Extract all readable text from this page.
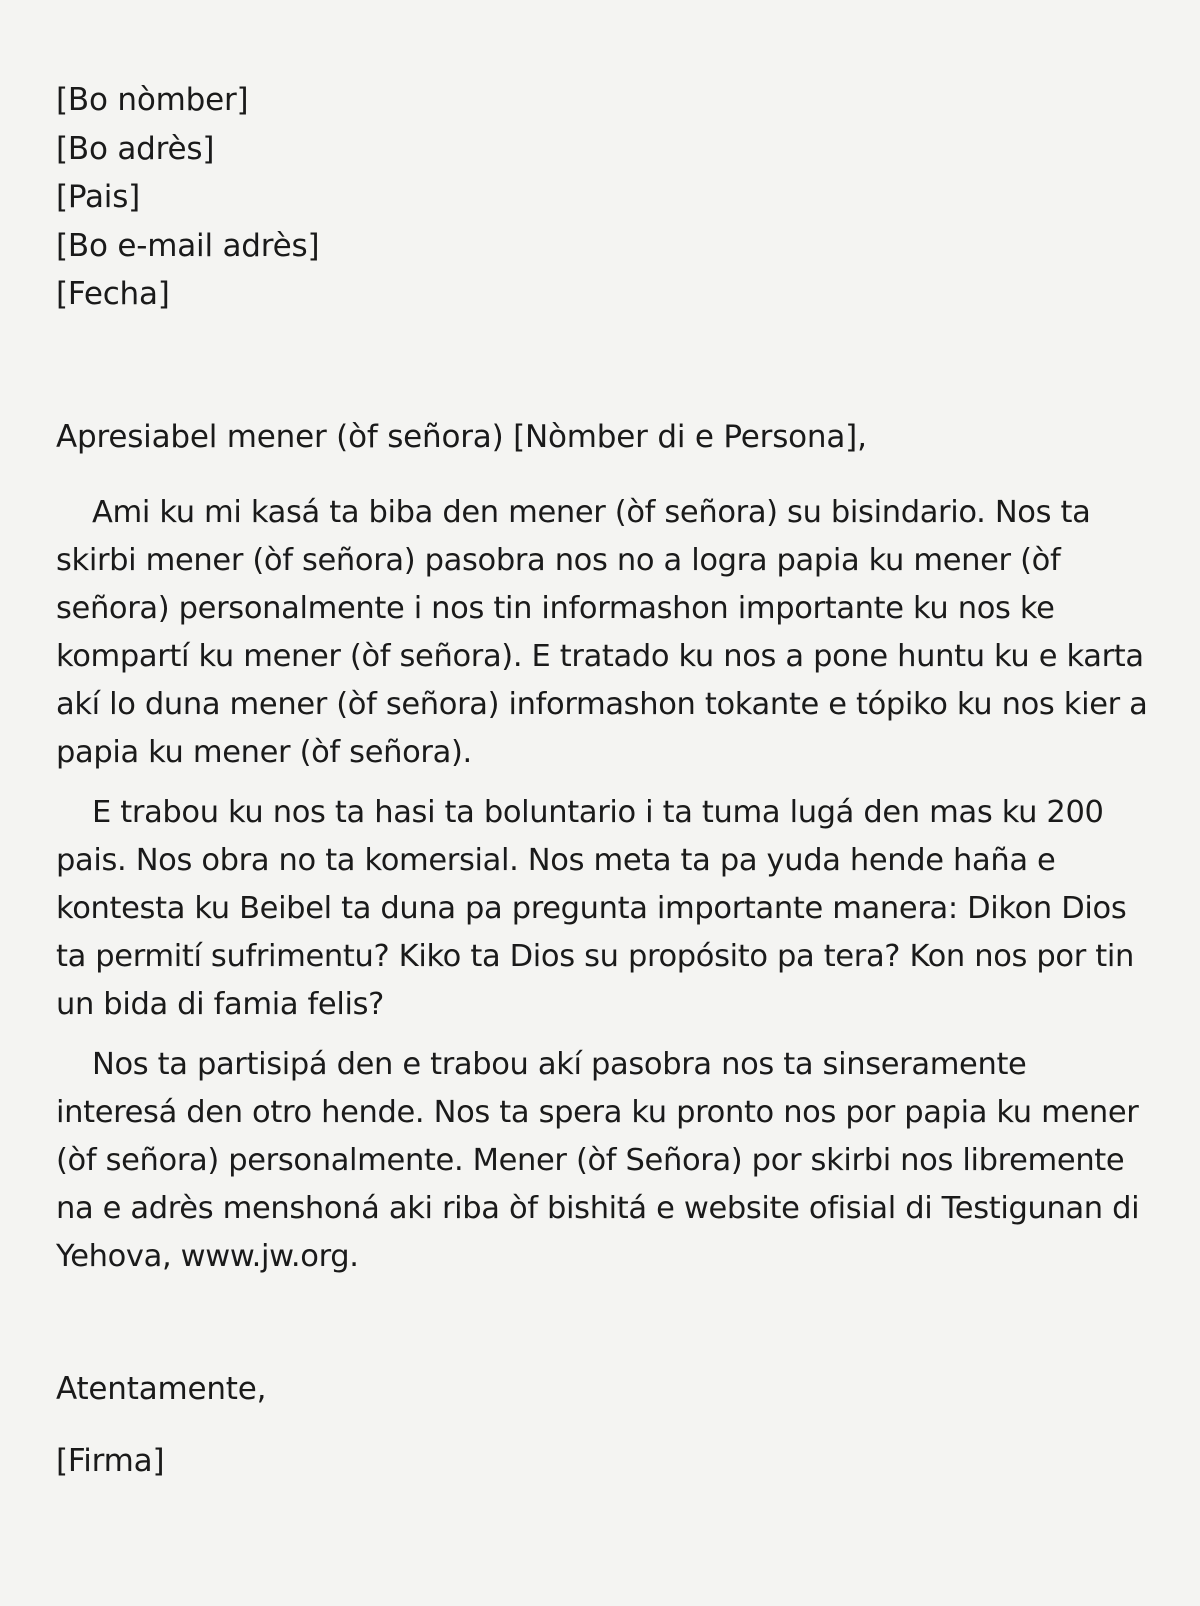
[Bo nòmber]
[Bo adrès]
[Pais]
[Bo e-mail adrès]
[Fecha]
Apresiabel mener (òf señora) [Nòmber di e Persona],

Ami ku mi kasá ta biba den mener (òf señora) su bisindario. Nos ta skirbi mener (òf señora) pasobra nos no a logra papia ku mener (òf señora) personalmente i nos tin informashon importante ku nos ke kompartí ku mener (òf señora). E tratado ku nos a pone huntu ku e karta akí lo duna mener (òf señora) informashon tokante e tópiko ku nos kier a papia ku mener (òf señora).

E trabou ku nos ta hasi ta boluntario i ta tuma lugá den mas ku 200 pais. Nos obra no ta komersial. Nos meta ta pa yuda hende haña e kontesta ku Beibel ta duna pa pregunta importante manera: Dikon Dios ta permití sufrimentu? Kiko ta Dios su propósito pa tera? Kon nos por tin un bida di famia felis?

Nos ta partisipá den e trabou akí pasobra nos ta sinseramente interesá den otro hende. Nos ta spera ku pronto nos por papia ku mener (òf señora) personalmente. Mener (òf Señora) por skirbi nos libremente na e adrès menshoná aki riba òf bishitá e website ofisial di Testigunan di Yehova, www.jw.org.

Atentamente,
[Firma]
